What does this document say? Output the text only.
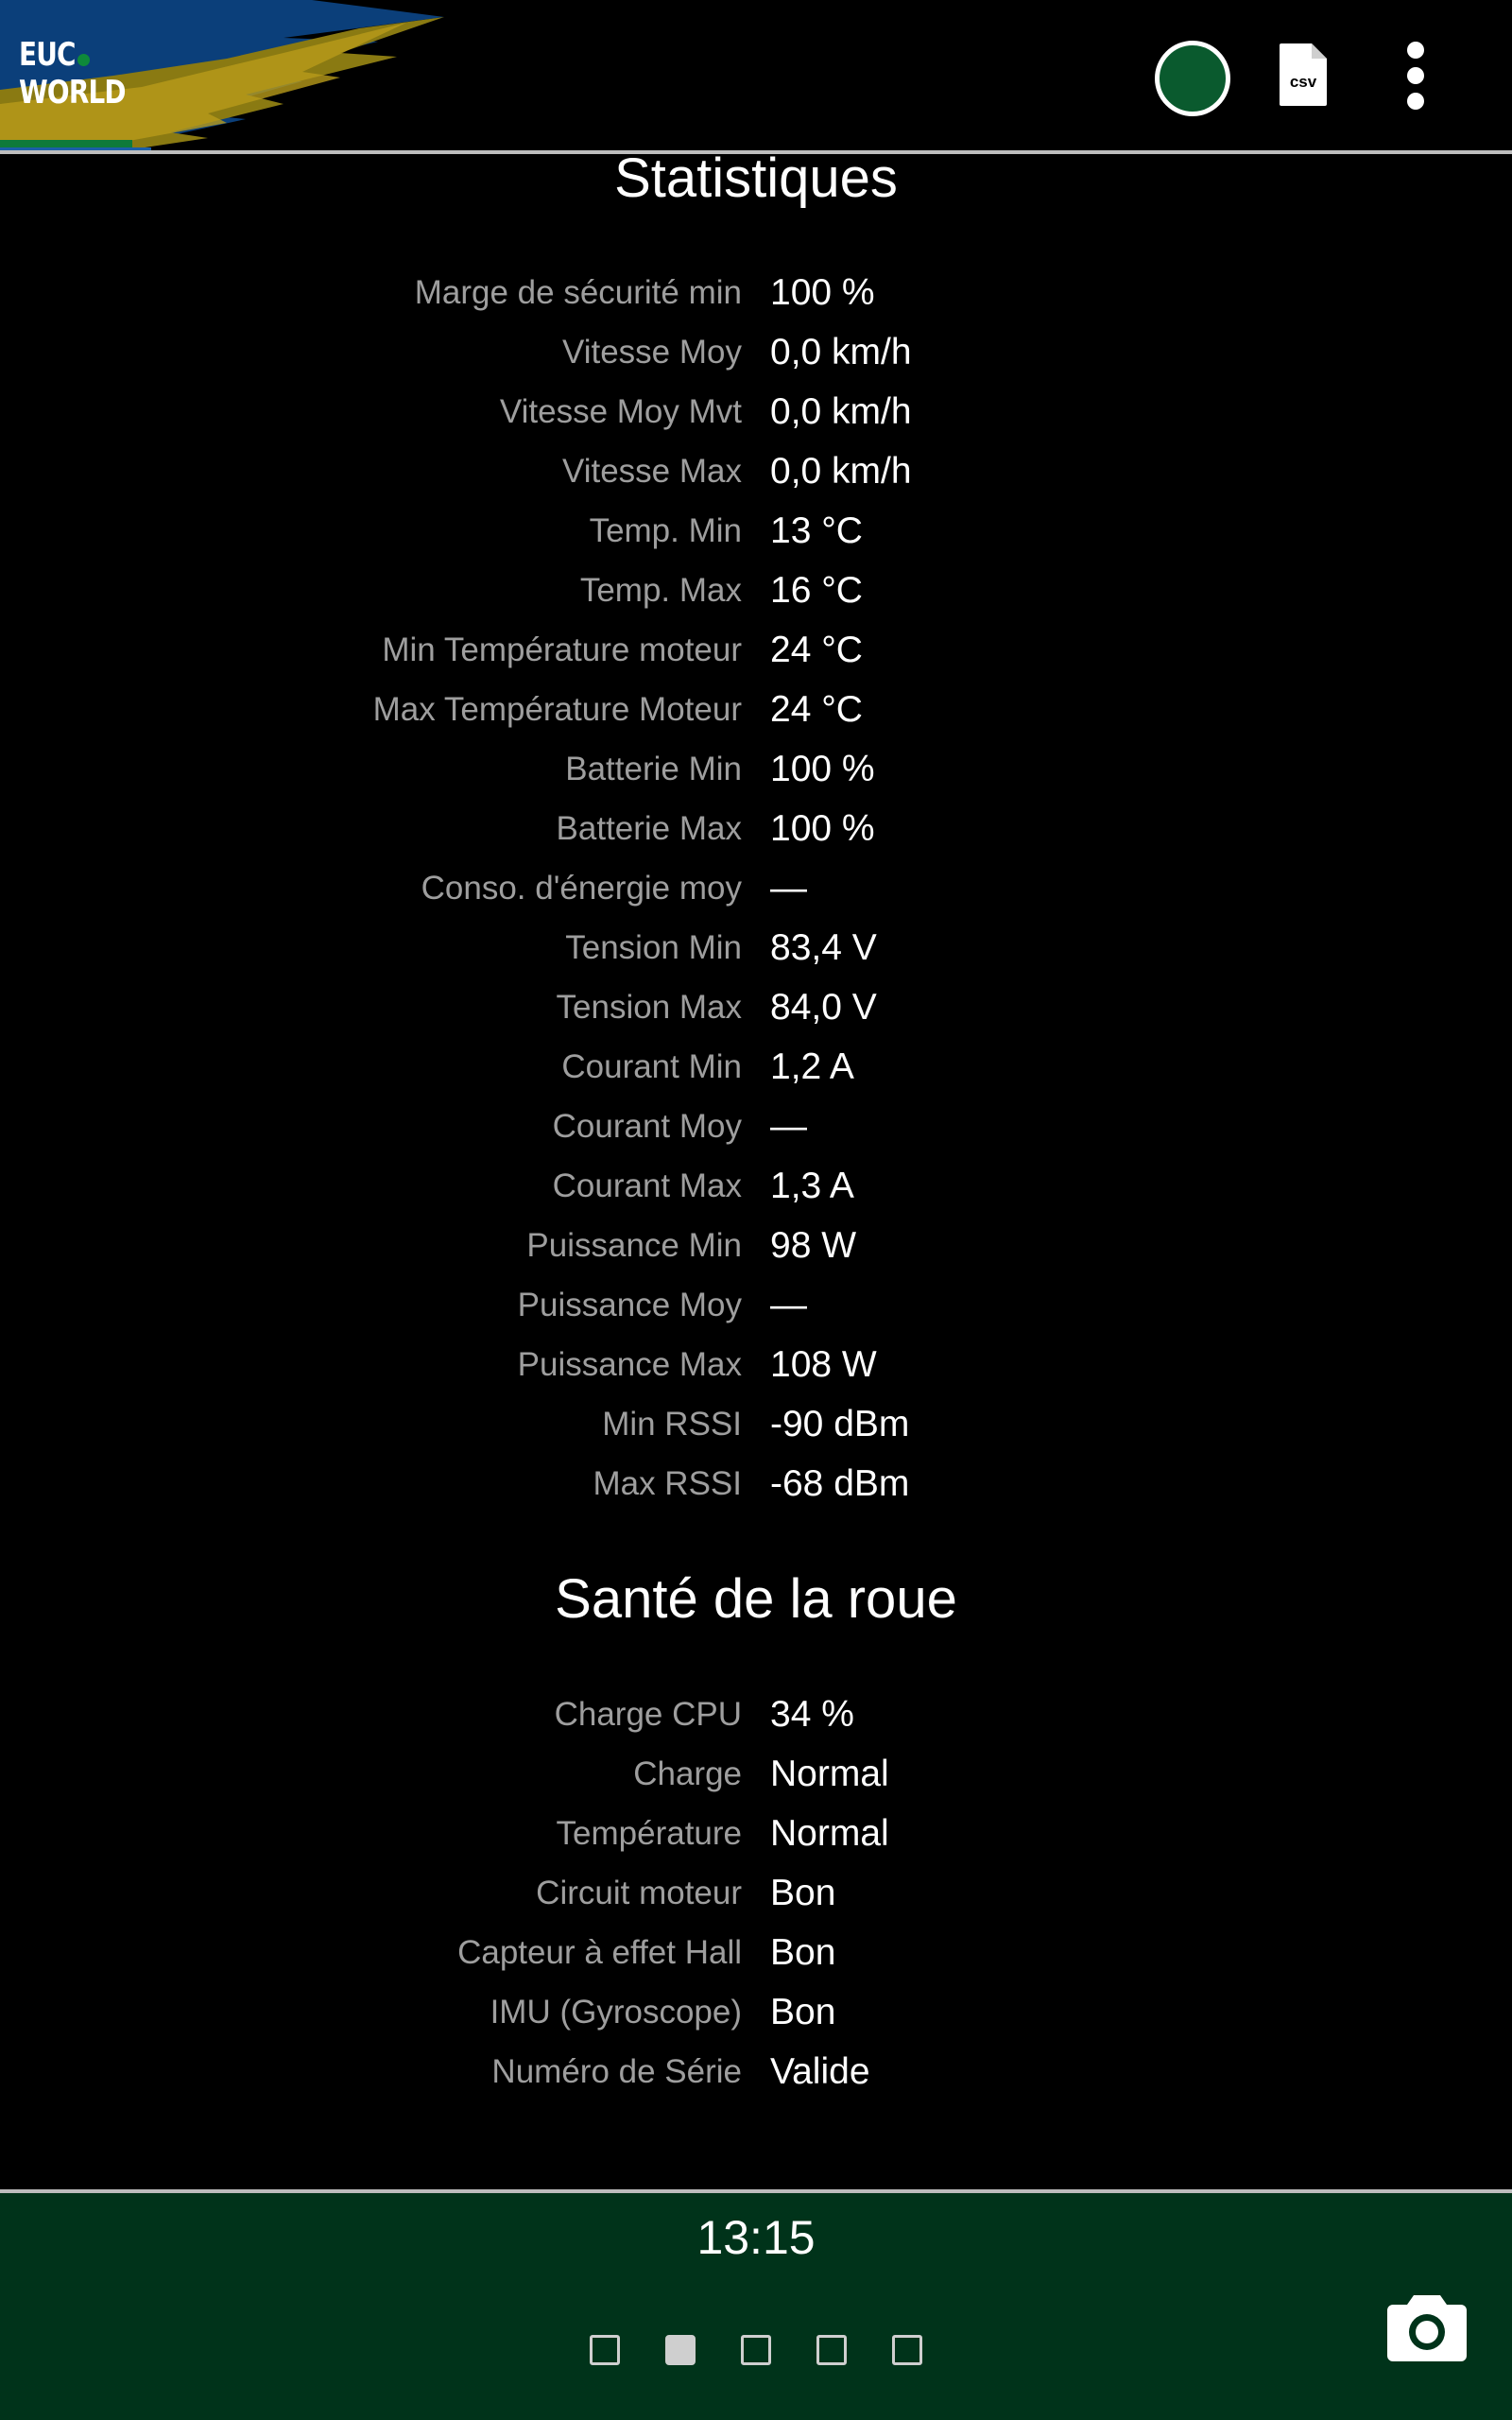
EUC
WORLD	csv
Statistiques
Marge de sécurité min 100 %
Vitesse Moy 0,0 km/h
Vitesse Moy Mvt 0,0 km/h
Vitesse Max 0,0 km/h
Temp. Min 13 °C
Temp. Max 16 °C
Min Température moteur 24 °C
Max Température Moteur 24 °C
Batterie Min 100 %
Batterie Max 100 %
Conso. d'énergie moy —
Tension Min 83,4 V
Tension Max 84,0 V
Courant Min 1,2 A
Courant Moy —
Courant Max 1,3 A
Puissance Min 98 W
Puissance Moy —
Puissance Max 108 W
Min RSSI -90 dBm
Max RSSI -68 dBm
Santé de la roue
Charge CPU 34 %
Charge Normal
Température Normal
Circuit moteur Bon
Capteur à effet Hall Bon
IMU (Gyroscope) Bon
Numéro de Série Valide
13:15
